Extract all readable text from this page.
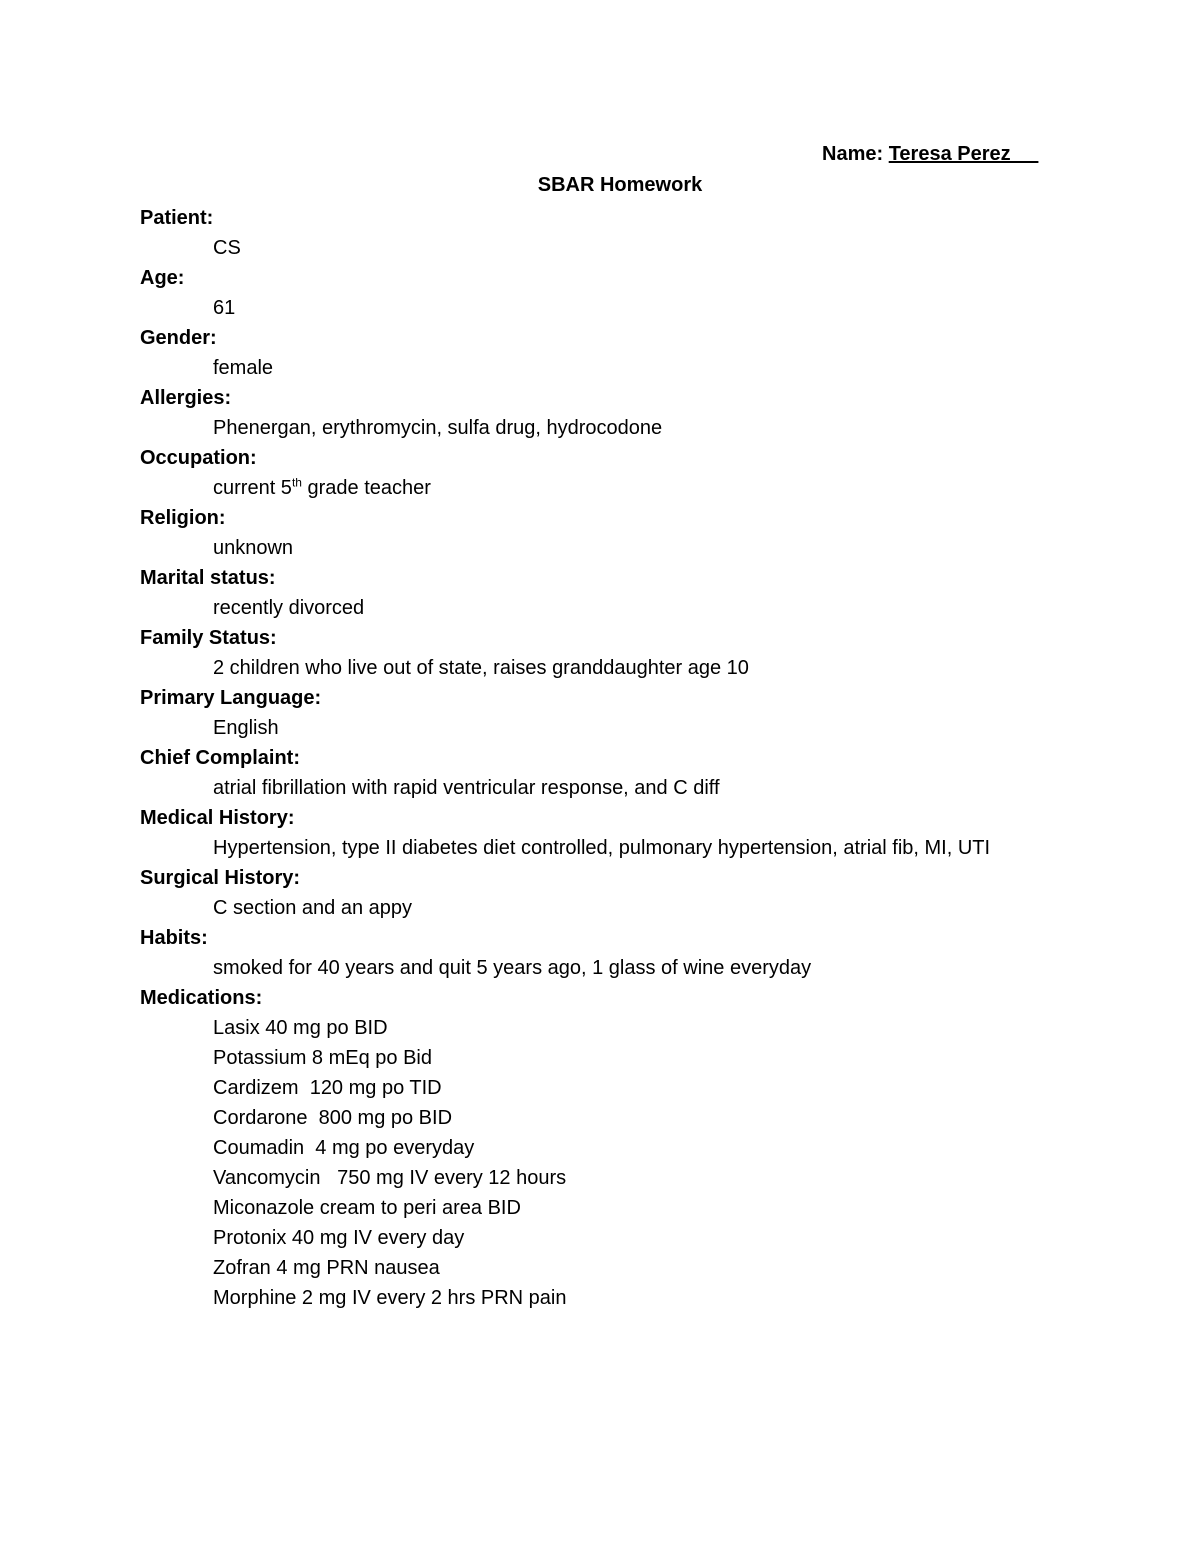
Name: Teresa Perez
SBAR Homework
Patient:
CS
Age:
61
Gender:
female
Allergies:
Phenergan, erythromycin, sulfa drug, hydrocodone
Occupation:
current 5th grade teacher
Religion:
unknown
Marital status:
recently divorced
Family Status:
2 children who live out of state, raises granddaughter age 10
Primary Language:
English
Chief Complaint:
atrial fibrillation with rapid ventricular response, and C diff
Medical History:
Hypertension, type II diabetes diet controlled, pulmonary hypertension, atrial fib, MI, UTI
Surgical History:
C section and an appy
Habits:
smoked for 40 years and quit 5 years ago, 1 glass of wine everyday
Medications:
Lasix 40 mg po BID
Potassium 8 mEq po Bid
Cardizem  120 mg po TID
Cordarone  800 mg po BID
Coumadin  4 mg po everyday
Vancomycin   750 mg IV every 12 hours
Miconazole cream to peri area BID
Protonix 40 mg IV every day
Zofran 4 mg PRN nausea
Morphine 2 mg IV every 2 hrs PRN pain
